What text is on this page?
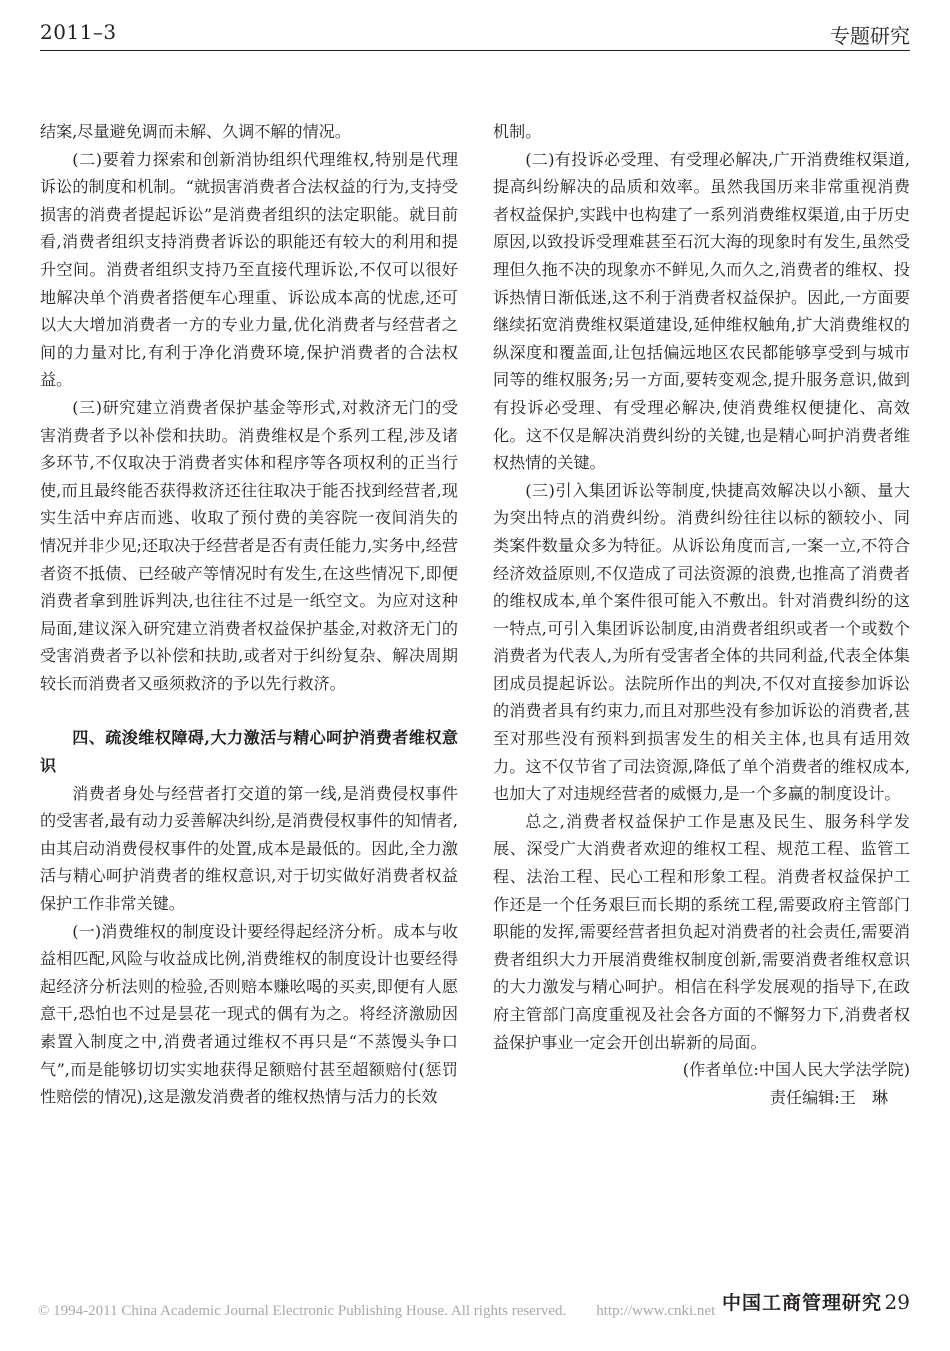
2011–3	专题研究

结案,尽量避免调而未解、久调不解的情况。

(二)要着力探索和创新消协组织代理维权,特别是代理诉讼的制度和机制。“就损害消费者合法权益的行为,支持受损害的消费者提起诉讼”是消费者组织的法定职能。就目前看,消费者组织支持消费者诉讼的职能还有较大的利用和提升空间。消费者组织支持乃至直接代理诉讼,不仅可以很好地解决单个消费者搭便车心理重、诉讼成本高的忧虑,还可以大大增加消费者一方的专业力量,优化消费者与经营者之间的力量对比,有利于净化消费环境,保护消费者的合法权益。

(三)研究建立消费者保护基金等形式,对救济无门的受害消费者予以补偿和扶助。消费维权是个系列工程,涉及诸多环节,不仅取决于消费者实体和程序等各项权利的正当行使,而且最终能否获得救济还往往取决于能否找到经营者,现实生活中弃店而逃、收取了预付费的美容院一夜间消失的情况并非少见;还取决于经营者是否有责任能力,实务中,经营者资不抵债、已经破产等情况时有发生,在这些情况下,即便消费者拿到胜诉判决,也往往不过是一纸空文。为应对这种局面,建议深入研究建立消费者权益保护基金,对救济无门的受害消费者予以补偿和扶助,或者对于纠纷复杂、解决周期较长而消费者又亟须救济的予以先行救济。

四、疏浚维权障碍,大力激活与精心呵护消费者维权意识

消费者身处与经营者打交道的第一线,是消费侵权事件的受害者,最有动力妥善解决纠纷,是消费侵权事件的知情者,由其启动消费侵权事件的处置,成本是最低的。因此,全力激活与精心呵护消费者的维权意识,对于切实做好消费者权益保护工作非常关键。

(一)消费维权的制度设计要经得起经济分析。成本与收益相匹配,风险与收益成比例,消费维权的制度设计也要经得起经济分析法则的检验,否则赔本赚吆喝的买卖,即便有人愿意干,恐怕也不过是昙花一现式的偶有为之。将经济激励因素置入制度之中,消费者通过维权不再只是“不蒸馒头争口气”,而是能够切切实实地获得足额赔付甚至超额赔付(惩罚性赔偿的情况),这是激发消费者的维权热情与活力的长效

机制。

(二)有投诉必受理、有受理必解决,广开消费维权渠道,提高纠纷解决的品质和效率。虽然我国历来非常重视消费者权益保护,实践中也构建了一系列消费维权渠道,由于历史原因,以致投诉受理难甚至石沉大海的现象时有发生,虽然受理但久拖不决的现象亦不鲜见,久而久之,消费者的维权、投诉热情日渐低迷,这不利于消费者权益保护。因此,一方面要继续拓宽消费维权渠道建设,延伸维权触角,扩大消费维权的纵深度和覆盖面,让包括偏远地区农民都能够享受到与城市同等的维权服务;另一方面,要转变观念,提升服务意识,做到有投诉必受理、有受理必解决,使消费维权便捷化、高效化。这不仅是解决消费纠纷的关键,也是精心呵护消费者维权热情的关键。

(三)引入集团诉讼等制度,快捷高效解决以小额、量大为突出特点的消费纠纷。消费纠纷往往以标的额较小、同类案件数量众多为特征。从诉讼角度而言,一案一立,不符合经济效益原则,不仅造成了司法资源的浪费,也推高了消费者的维权成本,单个案件很可能入不敷出。针对消费纠纷的这一特点,可引入集团诉讼制度,由消费者组织或者一个或数个消费者为代表人,为所有受害者全体的共同利益,代表全体集团成员提起诉讼。法院所作出的判决,不仅对直接参加诉讼的消费者具有约束力,而且对那些没有参加诉讼的消费者,甚至对那些没有预料到损害发生的相关主体,也具有适用效力。这不仅节省了司法资源,降低了单个消费者的维权成本,也加大了对违规经营者的威慑力,是一个多赢的制度设计。

总之,消费者权益保护工作是惠及民生、服务科学发展、深受广大消费者欢迎的维权工程、规范工程、监管工程、法治工程、民心工程和形象工程。消费者权益保护工作还是一个任务艰巨而长期的系统工程,需要政府主管部门职能的发挥,需要经营者担负起对消费者的社会责任,需要消费者组织大力开展消费维权制度创新,需要消费者维权意识的大力激发与精心呵护。相信在科学发展观的指导下,在政府主管部门高度重视及社会各方面的不懈努力下,消费者权益保护事业一定会开创出崭新的局面。

(作者单位:中国人民大学法学院)

责任编辑:王　琳

© 1994-2011 China Academic Journal Electronic Publishing House. All rights reserved.　　http://www.cnki.net 中国工商管理研究 29
